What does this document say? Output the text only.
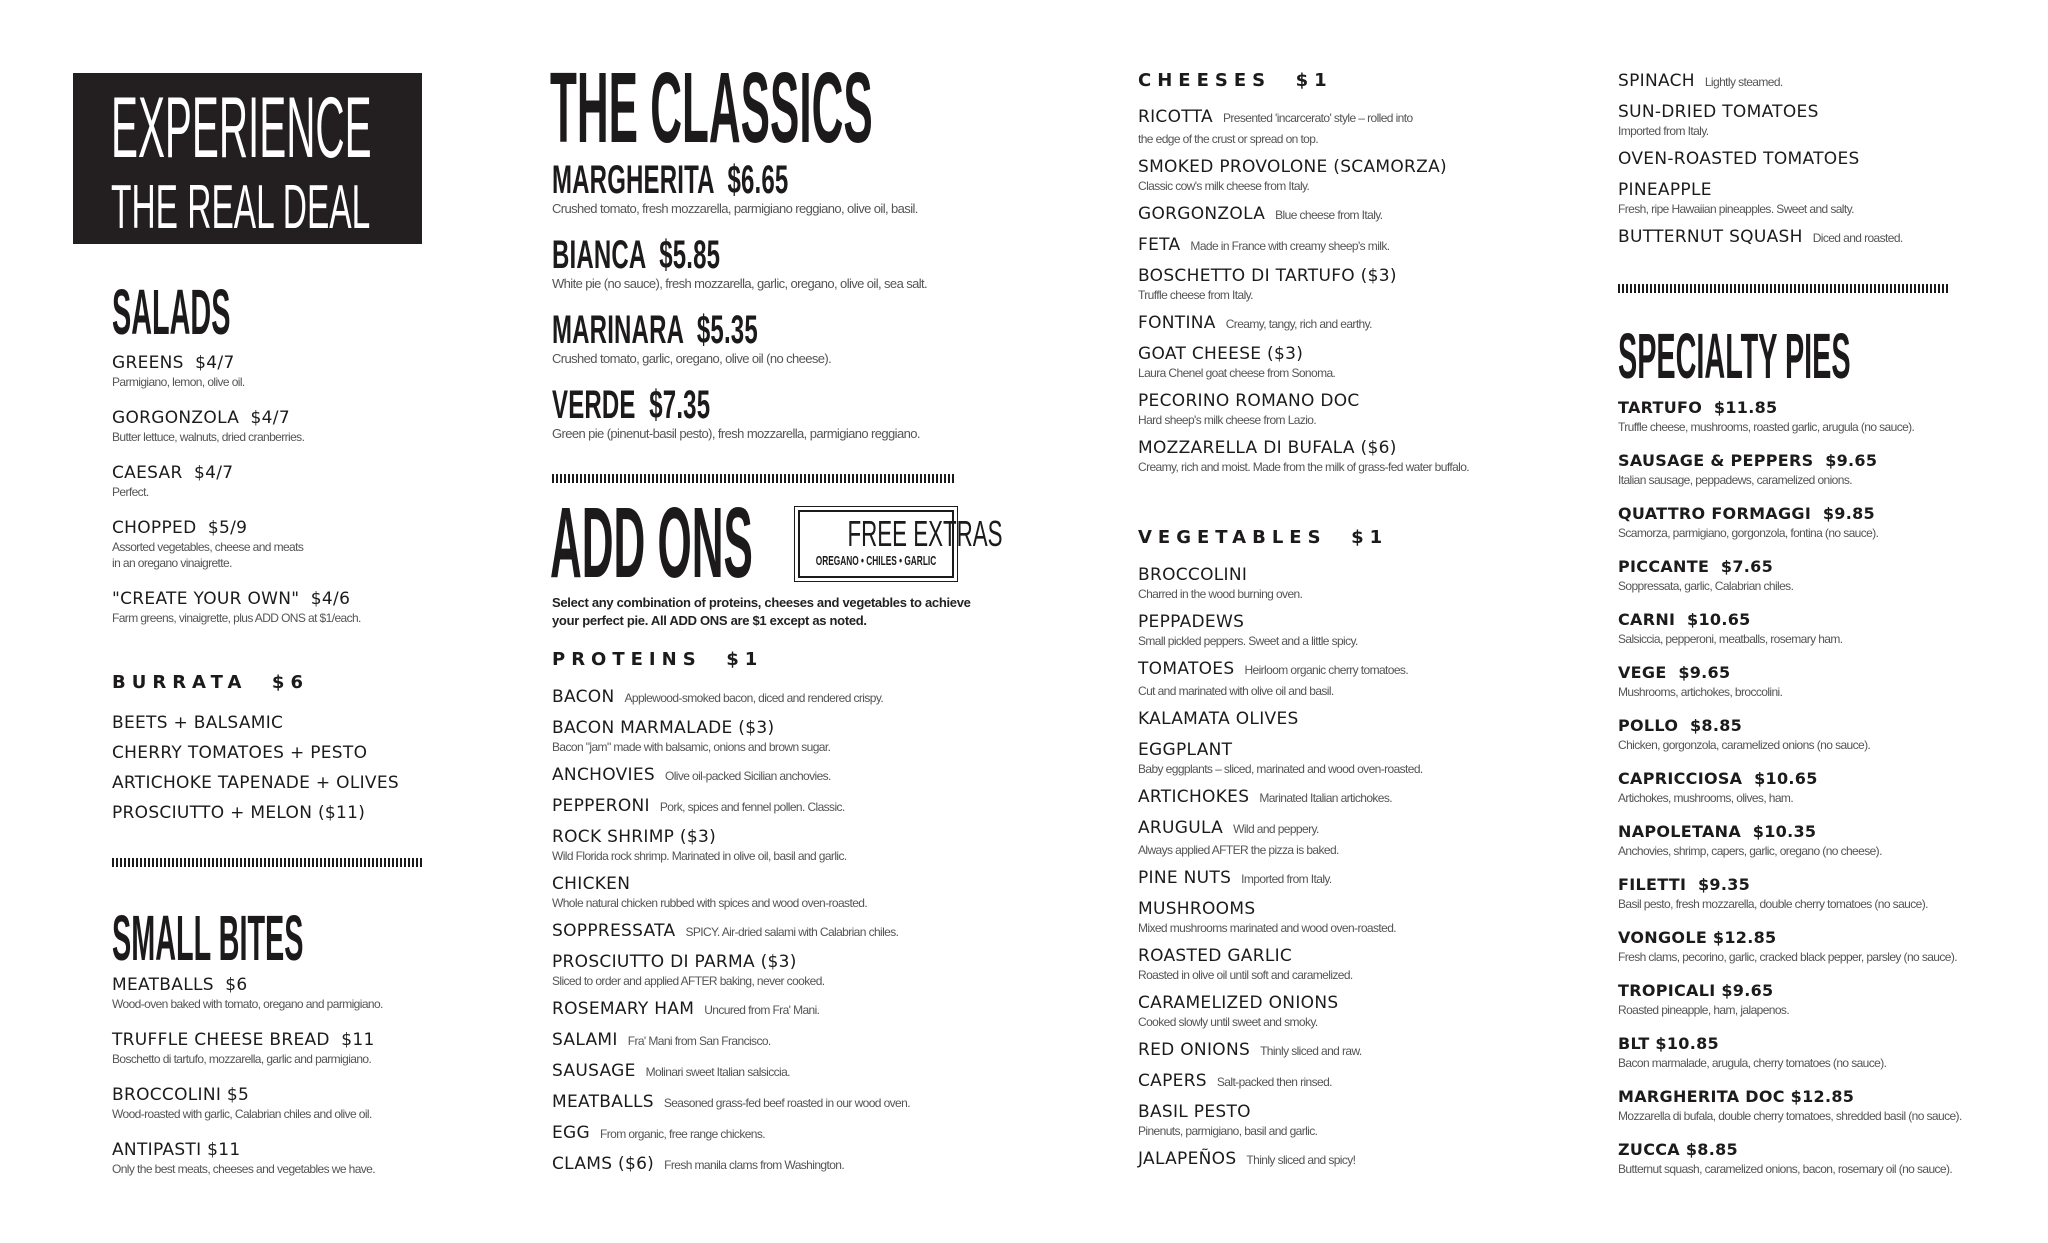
EXPERIENCE
THE REAL DEAL
SALADS
GREENS  $4/7
Parmigiano, lemon, olive oil.
GORGONZOLA  $4/7
Butter lettuce, walnuts, dried cranberries.
CAESAR  $4/7
Perfect.
CHOPPED  $5/9
Assorted vegetables, cheese and meats
in an oregano vinaigrette.
"CREATE YOUR OWN"  $4/6
Farm greens, vinaigrette, plus ADD ONS at $1/each.
BURRATA  $6
BEETS + BALSAMIC
CHERRY TOMATOES + PESTO
ARTICHOKE TAPENADE + OLIVES
PROSCIUTTO + MELON ($11)
SMALL BITES
MEATBALLS  $6
Wood-oven baked with tomato, oregano and parmigiano.
TRUFFLE CHEESE BREAD  $11
Boschetto di tartufo, mozzarella, garlic and parmigiano.
BROCCOLINI $5
Wood-roasted with garlic, Calabrian chiles and olive oil.
ANTIPASTI $11
Only the best meats, cheeses and vegetables we have.
THE CLASSICS
MARGHERITA  $6.65
Crushed tomato, fresh mozzarella, parmigiano reggiano, olive oil, basil.
BIANCA  $5.85
White pie (no sauce), fresh mozzarella, garlic, oregano, olive oil, sea salt.
MARINARA  $5.35
Crushed tomato, garlic, oregano, olive oil (no cheese).
VERDE  $7.35
Green pie (pinenut-basil pesto), fresh mozzarella, parmigiano reggiano.
ADD ONS	FREE EXTRAS
OREGANO • CHILES • GARLIC
Select any combination of proteins, cheeses and vegetables to achieve
your perfect pie. All ADD ONS are $1 except as noted.
PROTEINS  $1
BACON Applewood-smoked bacon, diced and rendered crispy.
BACON MARMALADE ($3)
Bacon "jam" made with balsamic, onions and brown sugar.
ANCHOVIES Olive oil-packed Sicilian anchovies.
PEPPERONI Pork, spices and fennel pollen. Classic.
ROCK SHRIMP ($3)
Wild Florida rock shrimp. Marinated in olive oil, basil and garlic.
CHICKEN
Whole natural chicken rubbed with spices and wood oven-roasted.
SOPPRESSATA SPICY. Air-dried salami with Calabrian chiles.
PROSCIUTTO DI PARMA ($3)
Sliced to order and applied AFTER baking, never cooked.
ROSEMARY HAM Uncured from Fra' Mani.
SALAMI Fra' Mani from San Francisco.
SAUSAGE Molinari sweet Italian salsiccia.
MEATBALLS Seasoned grass-fed beef roasted in our wood oven.
EGG From organic, free range chickens.
CLAMS ($6) Fresh manila clams from Washington.
CHEESES  $1
RICOTTA Presented 'incarcerato' style – rolled into
the edge of the crust or spread on top.
SMOKED PROVOLONE (SCAMORZA)
Classic cow's milk cheese from Italy.
GORGONZOLA Blue cheese from Italy.
FETA Made in France with creamy sheep's milk.
BOSCHETTO DI TARTUFO ($3)
Truffle cheese from Italy.
FONTINA Creamy, tangy, rich and earthy.
GOAT CHEESE ($3)
Laura Chenel goat cheese from Sonoma.
PECORINO ROMANO DOC
Hard sheep's milk cheese from Lazio.
MOZZARELLA DI BUFALA ($6)
Creamy, rich and moist. Made from the milk of grass-fed water buffalo.
VEGETABLES  $1
BROCCOLINI
Charred in the wood burning oven.
PEPPADEWS
Small pickled peppers. Sweet and a little spicy.
TOMATOES Heirloom organic cherry tomatoes.
Cut and marinated with olive oil and basil.
KALAMATA OLIVES
EGGPLANT
Baby eggplants – sliced, marinated and wood oven-roasted.
ARTICHOKES Marinated Italian artichokes.
ARUGULA Wild and peppery.
Always applied AFTER the pizza is baked.
PINE NUTS Imported from Italy.
MUSHROOMS
Mixed mushrooms marinated and wood oven-roasted.
ROASTED GARLIC
Roasted in olive oil until soft and caramelized.
CARAMELIZED ONIONS
Cooked slowly until sweet and smoky.
RED ONIONS Thinly sliced and raw.
CAPERS Salt-packed then rinsed.
BASIL PESTO
Pinenuts, parmigiano, basil and garlic.
JALAPEÑOS Thinly sliced and spicy!
SPINACH Lightly steamed.
SUN-DRIED TOMATOES
Imported from Italy.
OVEN-ROASTED TOMATOES
PINEAPPLE
Fresh, ripe Hawaiian pineapples. Sweet and salty.
BUTTERNUT SQUASH Diced and roasted.
SPECIALTY PIES
TARTUFO  $11.85
Truffle cheese, mushrooms, roasted garlic, arugula (no sauce).
SAUSAGE & PEPPERS  $9.65
Italian sausage, peppadews, caramelized onions.
QUATTRO FORMAGGI  $9.85
Scamorza, parmigiano, gorgonzola, fontina (no sauce).
PICCANTE  $7.65
Soppressata, garlic, Calabrian chiles.
CARNI  $10.65
Salsiccia, pepperoni, meatballs, rosemary ham.
VEGE  $9.65
Mushrooms, artichokes, broccolini.
POLLO  $8.85
Chicken, gorgonzola, caramelized onions (no sauce).
CAPRICCIOSA  $10.65
Artichokes, mushrooms, olives, ham.
NAPOLETANA  $10.35
Anchovies, shrimp, capers, garlic, oregano (no cheese).
FILETTI  $9.35
Basil pesto, fresh mozzarella, double cherry tomatoes (no sauce).
VONGOLE $12.85
Fresh clams, pecorino, garlic, cracked black pepper, parsley (no sauce).
TROPICALI $9.65
Roasted pineapple, ham, jalapenos.
BLT $10.85
Bacon marmalade, arugula, cherry tomatoes (no sauce).
MARGHERITA DOC $12.85
Mozzarella di bufala, double cherry tomatoes, shredded basil (no sauce).
ZUCCA $8.85
Butternut squash, caramelized onions, bacon, rosemary oil (no sauce).
